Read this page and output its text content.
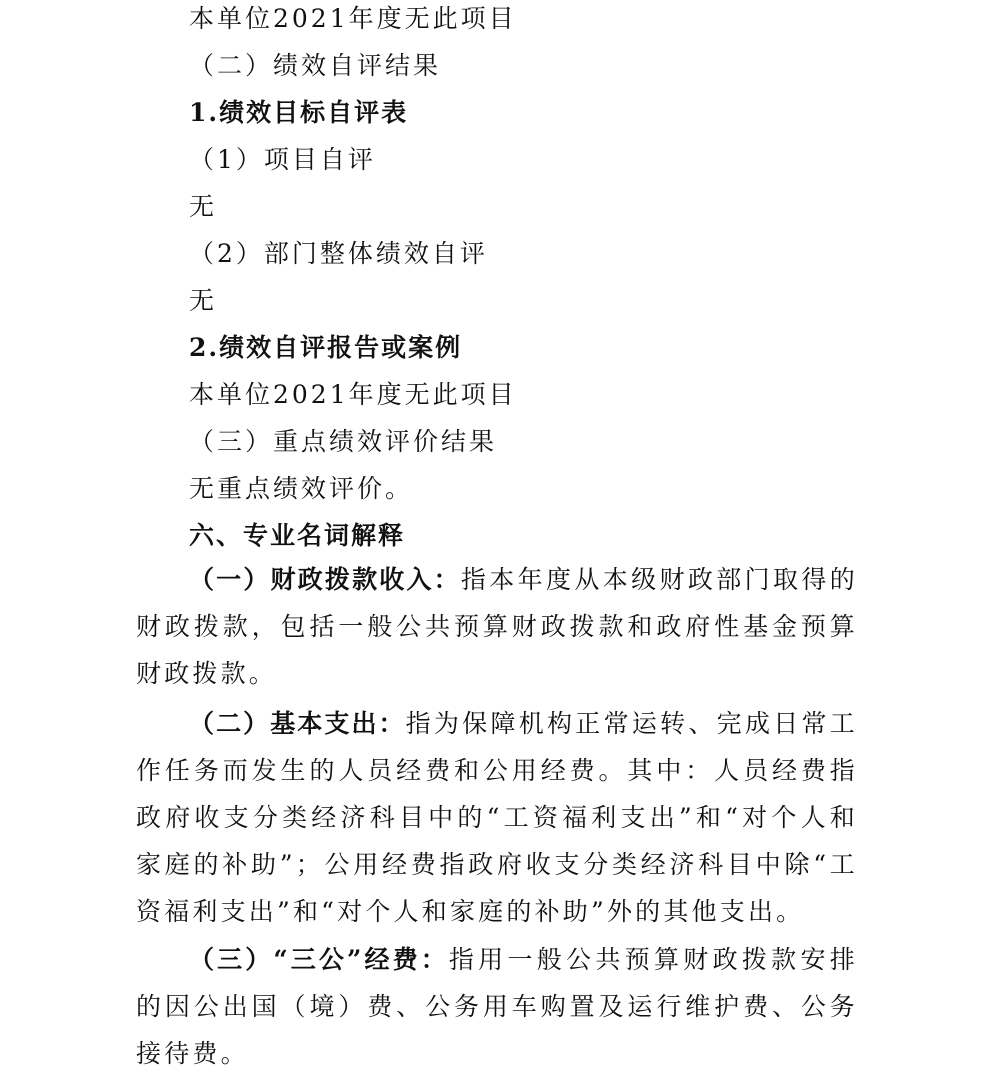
本单位2021年度无此项目
（二）绩效自评结果
1.绩效目标自评表
（1）项目自评
无
（2）部门整体绩效自评
无
2.绩效自评报告或案例
本单位2021年度无此项目
（三）重点绩效评价结果
无重点绩效评价。
六、专业名词解释
（一）财政拨款收入：指本年度从本级财政部门取得的财政拨款，包括一般公共预算财政拨款和政府性基金预算财政拨款。
（二）基本支出：指为保障机构正常运转、完成日常工作任务而发生的人员经费和公用经费。其中：人员经费指政府收支分类经济科目中的“工资福利支出”和“对个人和家庭的补助”；公用经费指政府收支分类经济科目中除“工资福利支出”和“对个人和家庭的补助”外的其他支出。
（三）“三公”经费：指用一般公共预算财政拨款安排的因公出国（境）费、公务用车购置及运行维护费、公务接待费。
